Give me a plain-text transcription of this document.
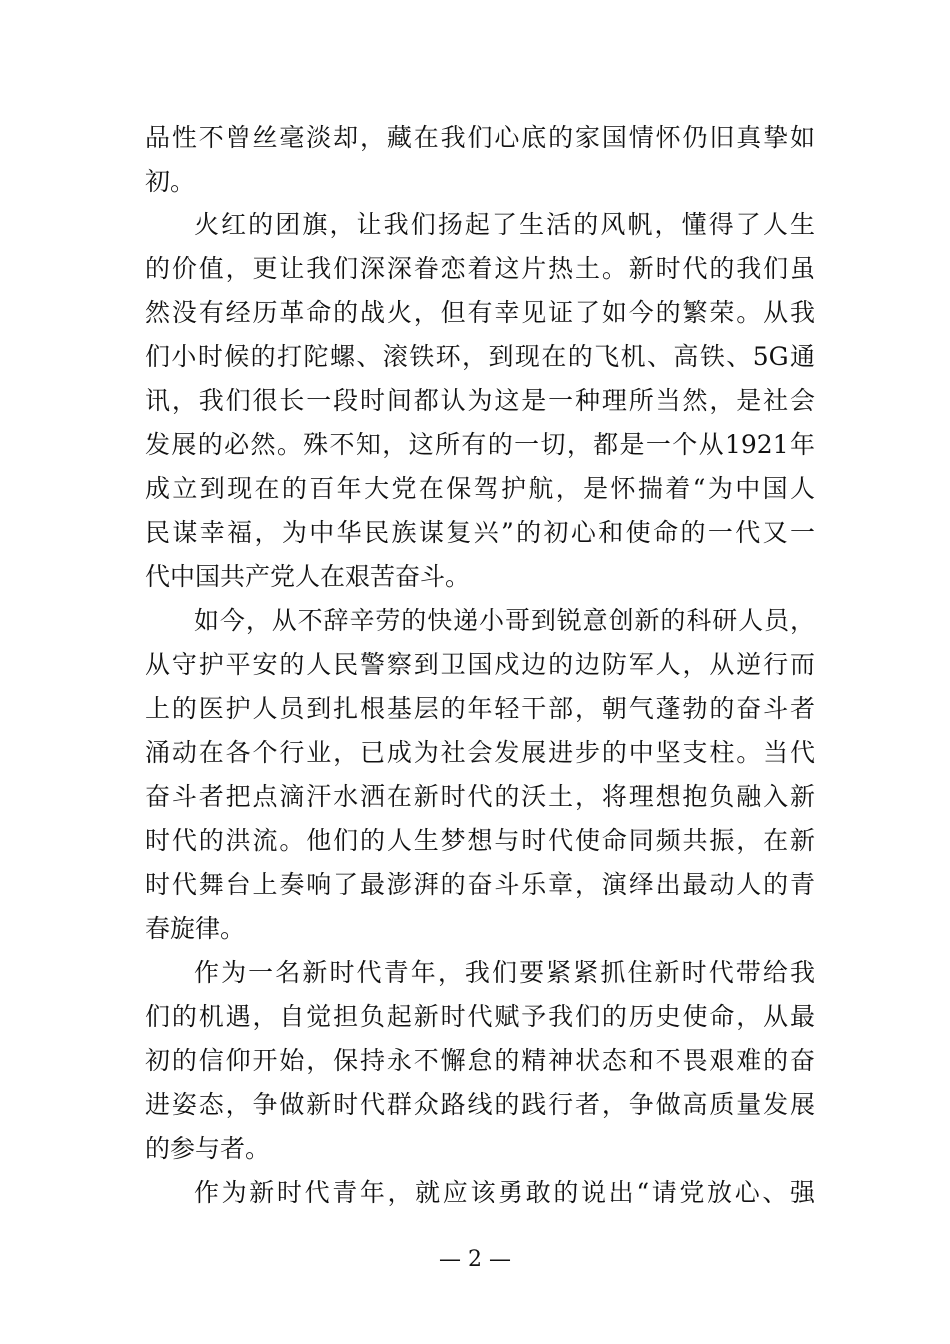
品性不曾丝毫淡却，藏在我们心底的家国情怀仍旧真挚如
初。
火红的团旗，让我们扬起了生活的风帆，懂得了人生
的价值，更让我们深深眷恋着这片热土。新时代的我们虽
然没有经历革命的战火，但有幸见证了如今的繁荣。从我
们小时候的打陀螺、滚铁环，到现在的飞机、高铁、5G通
讯，我们很长一段时间都认为这是一种理所当然，是社会
发展的必然。殊不知，这所有的一切，都是一个从1921年
成立到现在的百年大党在保驾护航，是怀揣着“为中国人
民谋幸福，为中华民族谋复兴”的初心和使命的一代又一
代中国共产党人在艰苦奋斗。
如今，从不辞辛劳的快递小哥到锐意创新的科研人员，
从守护平安的人民警察到卫国戍边的边防军人，从逆行而
上的医护人员到扎根基层的年轻干部，朝气蓬勃的奋斗者
涌动在各个行业，已成为社会发展进步的中坚支柱。当代
奋斗者把点滴汗水洒在新时代的沃土，将理想抱负融入新
时代的洪流。他们的人生梦想与时代使命同频共振，在新
时代舞台上奏响了最澎湃的奋斗乐章，演绎出最动人的青
春旋律。
作为一名新时代青年，我们要紧紧抓住新时代带给我
们的机遇，自觉担负起新时代赋予我们的历史使命，从最
初的信仰开始，保持永不懈怠的精神状态和不畏艰难的奋
进姿态，争做新时代群众路线的践行者，争做高质量发展
的参与者。
作为新时代青年，就应该勇敢的说出“请党放心、强
— 2 —
